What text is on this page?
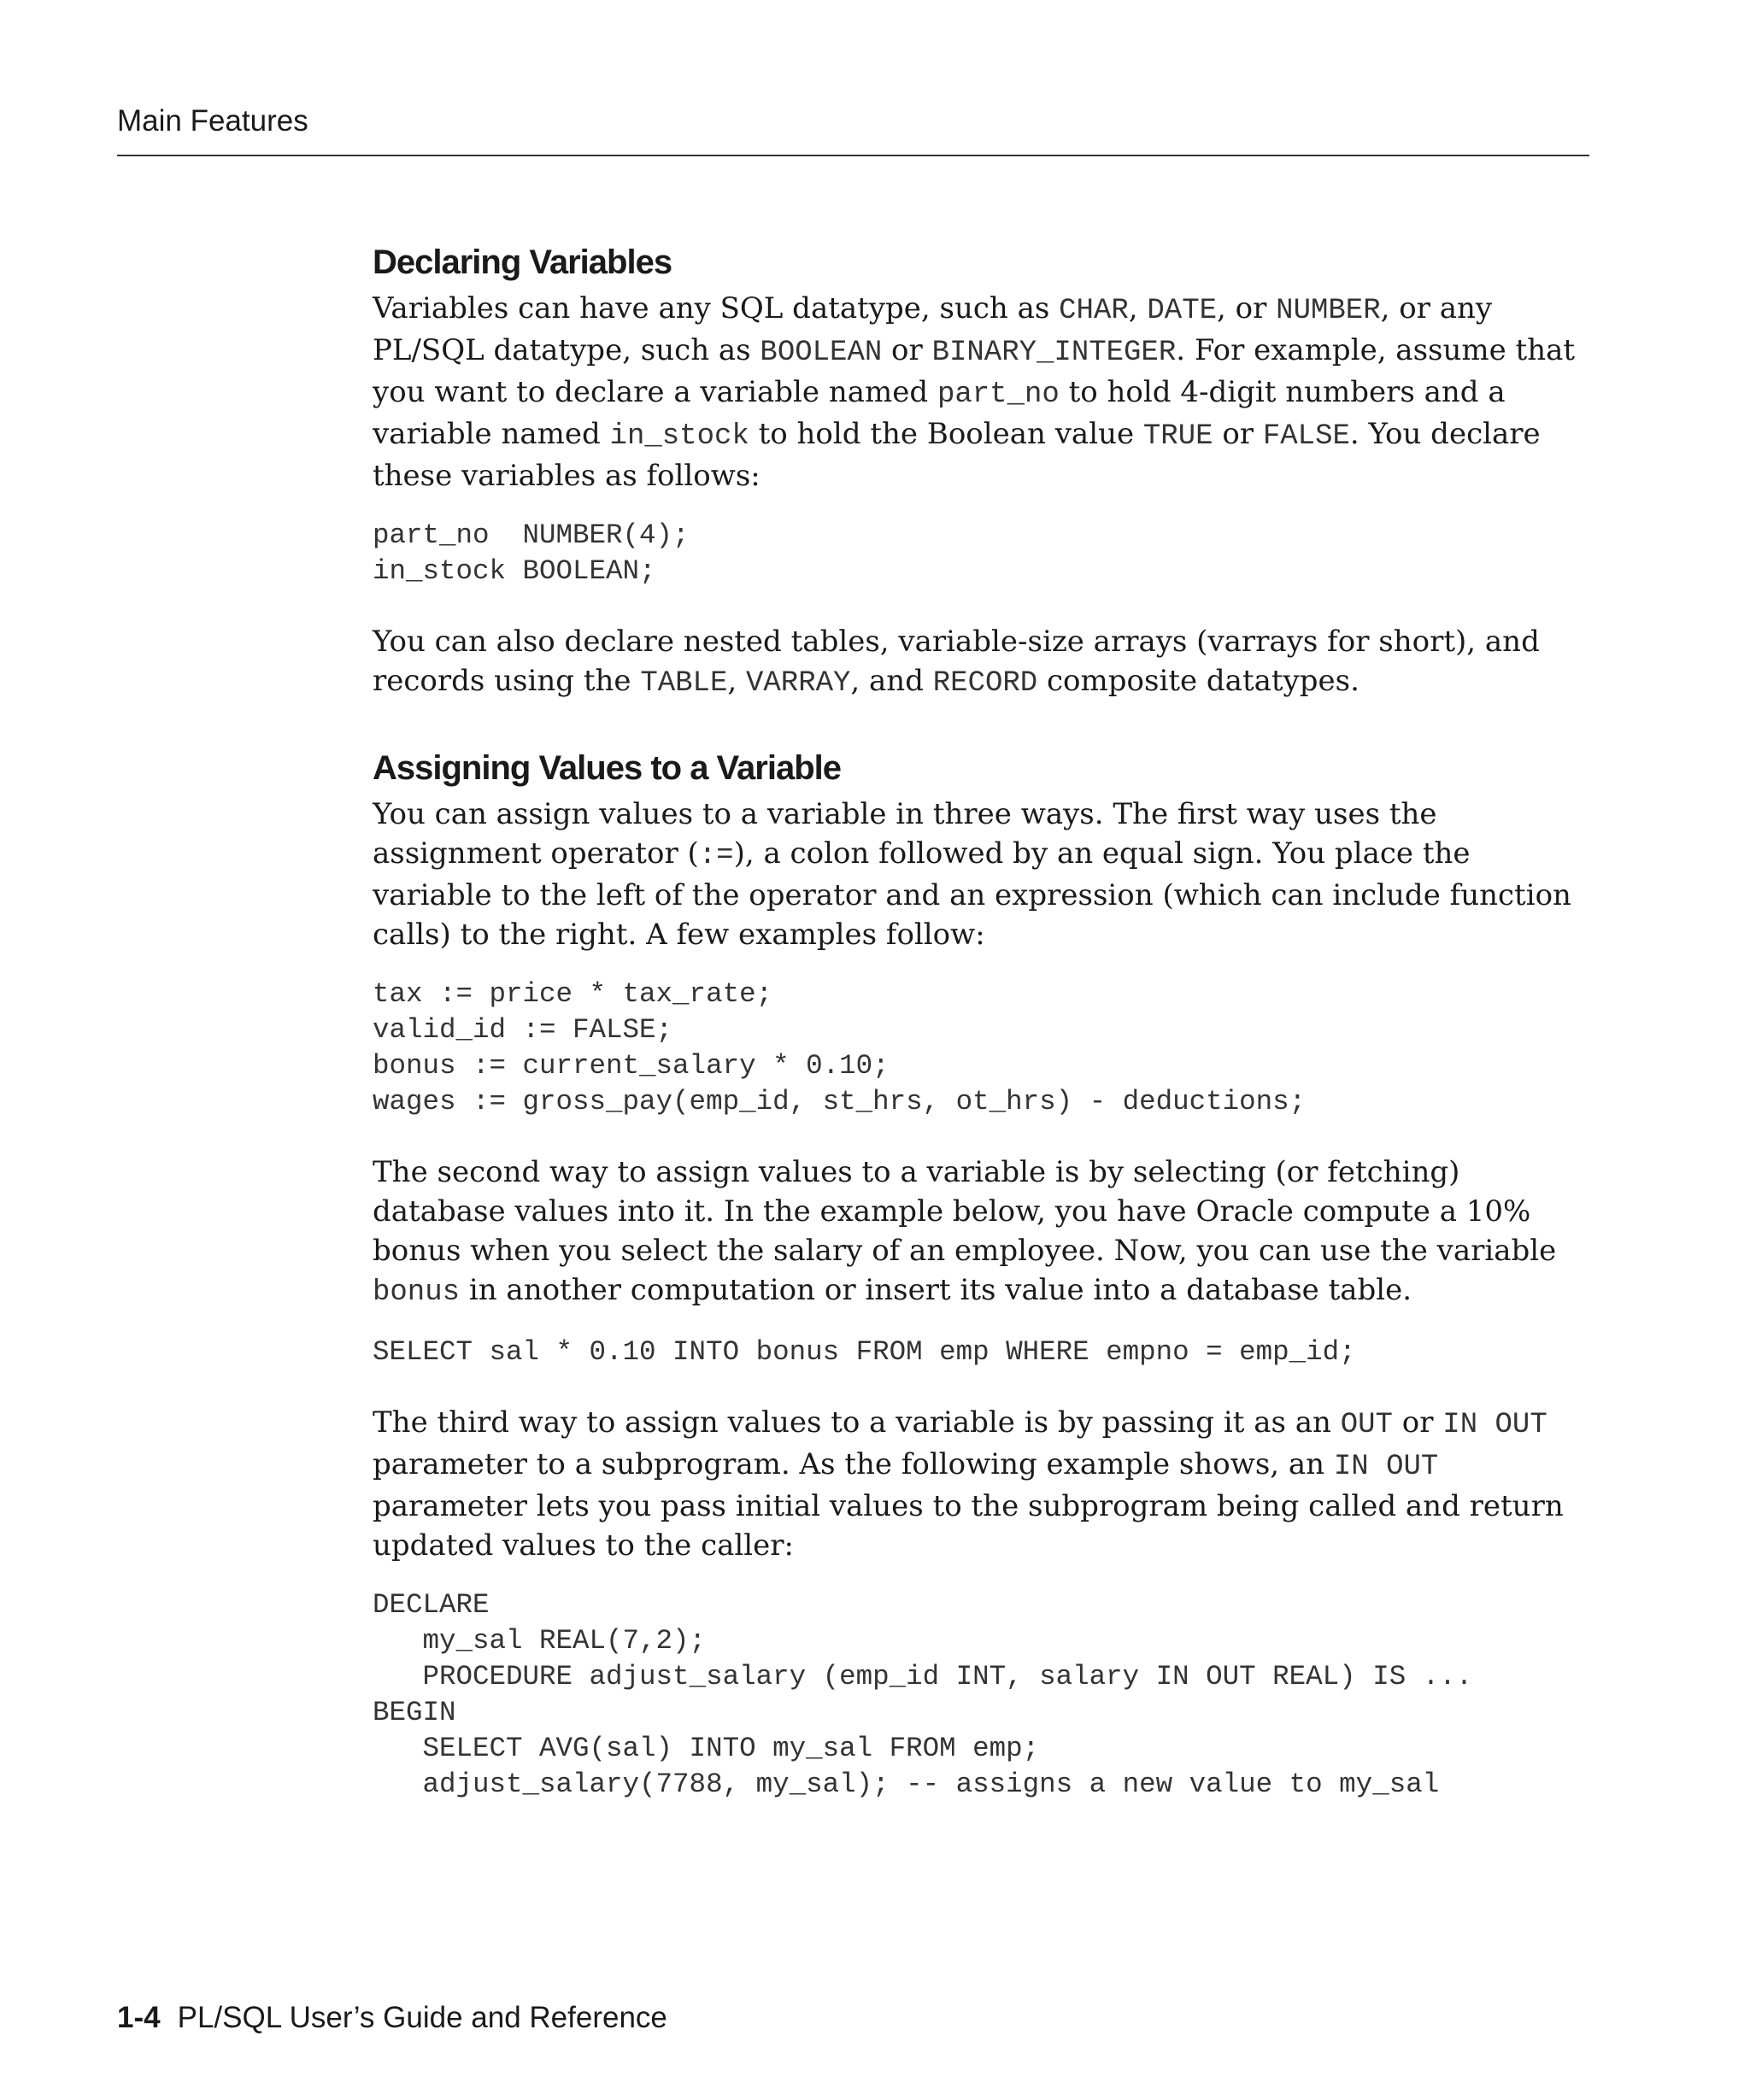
Main Features
Declaring Variables

Variables can have any SQL datatype, such as CHAR, DATE, or NUMBER, or any PL/SQL datatype, such as BOOLEAN or BINARY_INTEGER. For example, assume that you want to declare a variable named part_no to hold 4-digit numbers and a variable named in_stock to hold the Boolean value TRUE or FALSE. You declare these variables as follows:

part_no  NUMBER(4);
in_stock BOOLEAN;

You can also declare nested tables, variable-size arrays (varrays for short), and records using the TABLE, VARRAY, and RECORD composite datatypes.

Assigning Values to a Variable

You can assign values to a variable in three ways. The first way uses the assignment operator (:=), a colon followed by an equal sign. You place the variable to the left of the operator and an expression (which can include function calls) to the right. A few examples follow:

tax := price * tax_rate;
valid_id := FALSE;
bonus := current_salary * 0.10;
wages := gross_pay(emp_id, st_hrs, ot_hrs) - deductions;

The second way to assign values to a variable is by selecting (or fetching) database values into it. In the example below, you have Oracle compute a 10% bonus when you select the salary of an employee. Now, you can use the variable bonus in another computation or insert its value into a database table.

SELECT sal * 0.10 INTO bonus FROM emp WHERE empno = emp_id;

The third way to assign values to a variable is by passing it as an OUT or IN OUT parameter to a subprogram. As the following example shows, an IN OUT parameter lets you pass initial values to the subprogram being called and return updated values to the caller:

DECLARE
my_sal REAL(7,2);
PROCEDURE adjust_salary (emp_id INT, salary IN OUT REAL) IS ...
BEGIN
SELECT AVG(sal) INTO my_sal FROM emp;
adjust_salary(7788, my_sal); -- assigns a new value to my_sal
1-4 PL/SQL User’s Guide and Reference
